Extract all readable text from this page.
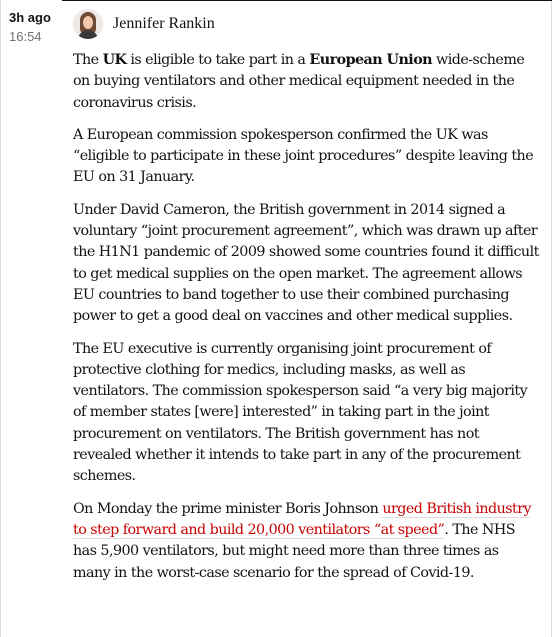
3h ago
16:54
Jennifer Rankin

The UK is eligible to take part in a European Union wide-scheme on buying ventilators and other medical equipment needed in the coronavirus crisis.

A European commission spokesperson confirmed the UK was “eligible to participate in these joint procedures” despite leaving the EU on 31 January.

Under David Cameron, the British government in 2014 signed a voluntary “joint procurement agreement”, which was drawn up after the H1N1 pandemic of 2009 showed some countries found it difficult to get medical supplies on the open market. The agreement allows EU countries to band together to use their combined purchasing power to get a good deal on vaccines and other medical supplies.

The EU executive is currently organising joint procurement of protective clothing for medics, including masks, as well as ventilators. The commission spokesperson said “a very big majority of member states [were] interested” in taking part in the joint procurement on ventilators. The British government has not revealed whether it intends to take part in any of the procurement schemes.

On Monday the prime minister Boris Johnson urged British industry to step forward and build 20,000 ventilators “at speed”. The NHS has 5,900 ventilators, but might need more than three times as many in the worst-case scenario for the spread of Covid-19.
